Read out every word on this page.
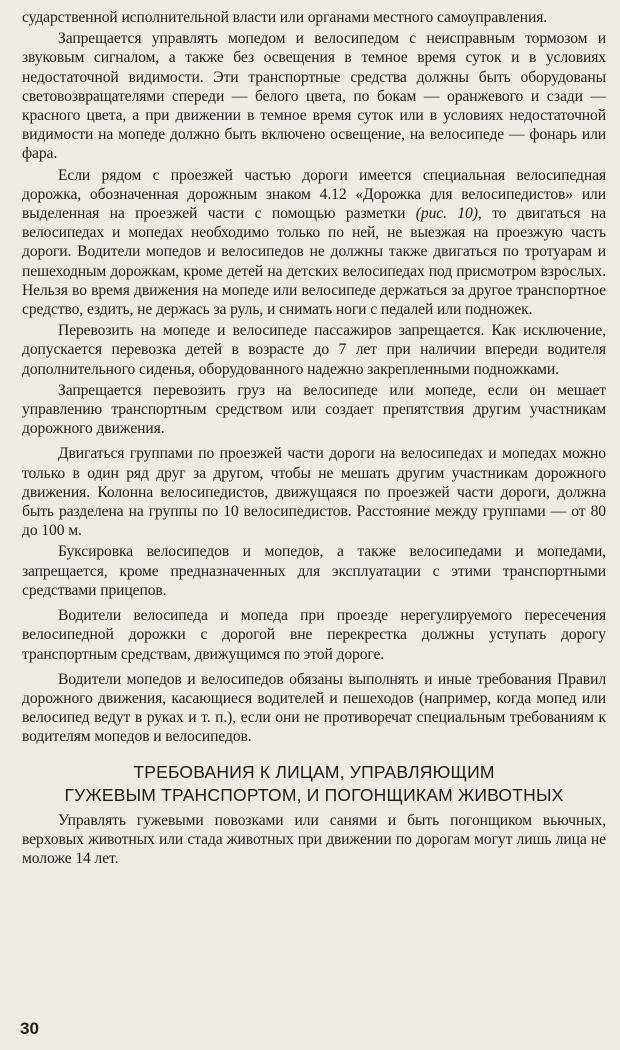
сударственной исполнительной власти или органами местного самоуправления.

Запрещается управлять мопедом и велосипедом с неисправным тормозом и звуковым сигналом, а также без освещения в темное время суток и в условиях недостаточной видимости. Эти транспортные средства должны быть оборудованы световозвращателями спереди — белого цвета, по бокам — оранжевого и сзади — красного цвета, а при движении в темное время суток или в условиях недостаточной видимости на мопеде должно быть включено освещение, на велосипеде — фонарь или фара.

Если рядом с проезжей частью дороги имеется специальная велосипедная дорожка, обозначенная дорожным знаком 4.12 «Дорожка для велосипедистов» или выделенная на проезжей части с помощью разметки (рис. 10), то двигаться на велосипедах и мопедах необходимо только по ней, не выезжая на проезжую часть дороги. Водители мопедов и велосипедов не должны также двигаться по тротуарам и пешеходным дорожкам, кроме детей на детских велосипедах под присмотром взрослых. Нельзя во время движения на мопеде или велосипеде держаться за другое транспортное средство, ездить, не держась за руль, и снимать ноги с педалей или подножек.

Перевозить на мопеде и велосипеде пассажиров запрещается. Как исключение, допускается перевозка детей в возрасте до 7 лет при наличии впереди водителя дополнительного сиденья, оборудованного надежно закрепленными подножками.

Запрещается перевозить груз на велосипеде или мопеде, если он мешает управлению транспортным средством или создает препятствия другим участникам дорожного движения.

Двигаться группами по проезжей части дороги на велосипедах и мопедах можно только в один ряд друг за другом, чтобы не мешать другим участникам дорожного движения. Колонна велосипедистов, движущаяся по проезжей части дороги, должна быть разделена на группы по 10 велосипедистов. Расстояние между группами — от 80 до 100 м.

Буксировка велосипедов и мопедов, а также велосипедами и мопедами, запрещается, кроме предназначенных для эксплуатации с этими транспортными средствами прицепов.

Водители велосипеда и мопеда при проезде нерегулируемого пересечения велосипедной дорожки с дорогой вне перекрестка должны уступать дорогу транспортным средствам, движущимся по этой дороге.

Водители мопедов и велосипедов обязаны выполнять и иные требования Правил дорожного движения, касающиеся водителей и пешеходов (например, когда мопед или велосипед ведут в руках и т. п.), если они не противоречат специальным требованиям к водителям мопедов и велосипедов.

ТРЕБОВАНИЯ К ЛИЦАМ, УПРАВЛЯЮЩИМ
ГУЖЕВЫМ ТРАНСПОРТОМ, И ПОГОНЩИКАМ ЖИВОТНЫХ

Управлять гужевыми повозками или санями и быть погонщиком вьючных, верховых животных или стада животных при движении по дорогам могут лишь лица не моложе 14 лет.

30
